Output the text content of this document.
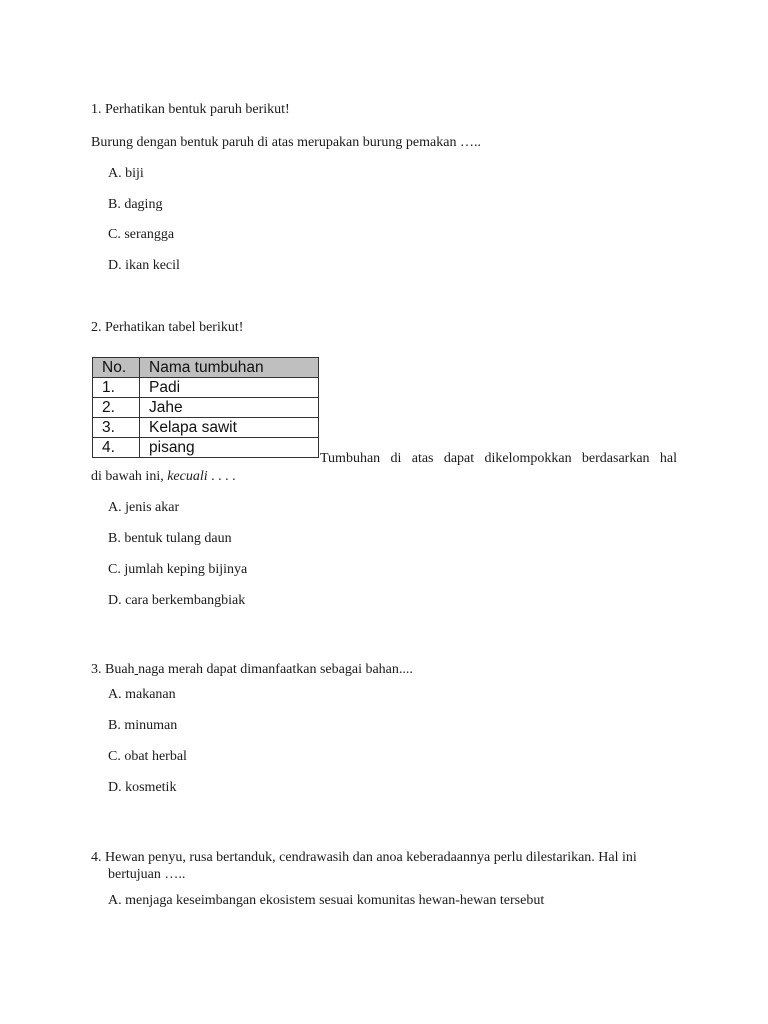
1. Perhatikan bentuk paruh berikut!
Burung dengan bentuk paruh di atas merupakan burung pemakan …..
A. biji
B. daging
C. serangga
D. ikan kecil
2. Perhatikan tabel berikut!
No.	Nama tumbuhan
1.	Padi
2.	Jahe
3.	Kelapa sawit
4.	pisang
Tumbuhan di atas dapat dikelompokkan berdasarkan hal
di bawah ini, kecuali . . . .
A. jenis akar
B. bentuk tulang daun
C. jumlah keping bijinya
D. cara berkembangbiak
3. Buah naga merah dapat dimanfaatkan sebagai bahan....
A. makanan
B. minuman
C. obat herbal
D. kosmetik
4. Hewan penyu, rusa bertanduk, cendrawasih dan anoa keberadaannya perlu dilestarikan. Hal ini
bertujuan …..
A. menjaga keseimbangan ekosistem sesuai komunitas hewan-hewan tersebut
